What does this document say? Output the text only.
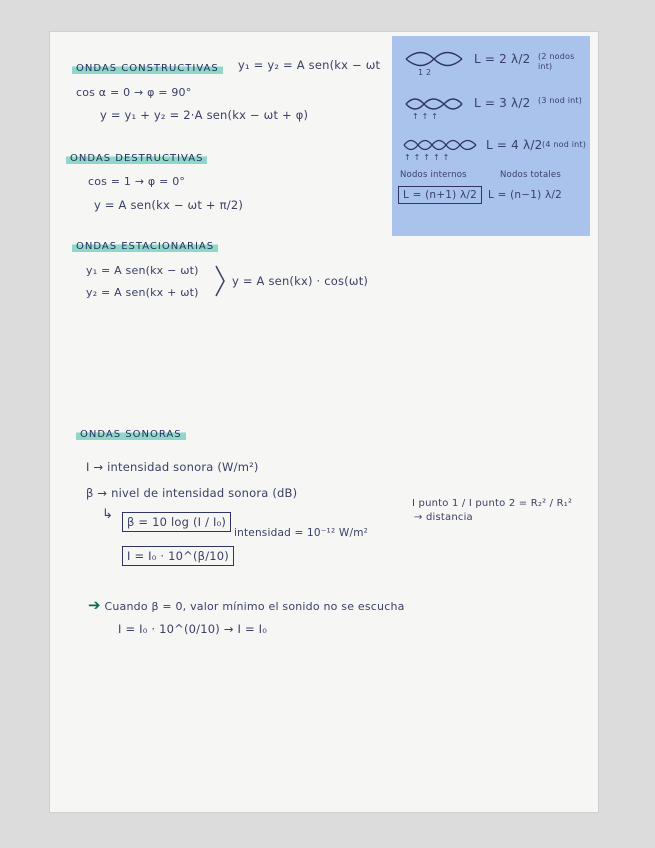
ONDAS CONSTRUCTIVAS	y₁ = y₂ = A sen(kx − ωt
cos α = 0 → φ = 90°
y = y₁ + y₂ = 2·A sen(kx − ωt + φ)
ONDAS DESTRUCTIVAS
cos = 1 → φ = 0°
y = A sen(kx − ωt + π/2)
ONDAS ESTACIONARIAS
y₁ = A sen(kx − ωt)
y₂ = A sen(kx + ωt)
y = A sen(kx) · cos(ωt)
1 2
L = 2 λ/2 (2 nodos int)
↑ ↑ ↑
L = 3 λ/2 (3 nod int)
↑ ↑ ↑ ↑ ↑
L = 4 λ/2 (4 nod int)
Nodos internos	Nodos totales
L = (n+1) λ/2	L = (n−1) λ/2
ONDAS SONORAS
I → intensidad sonora (W/m²)
β → nivel de intensidad sonora (dB)
↳	β = 10 log (I / I₀)
intensidad = 10⁻¹² W/m²
I = I₀ · 10^(β/10)
I punto 1 / I punto 2 = R₂² / R₁²
→ distancia
➔ Cuando β = 0, valor mínimo el sonido no se escucha
I = I₀ · 10^(0/10) → I = I₀
